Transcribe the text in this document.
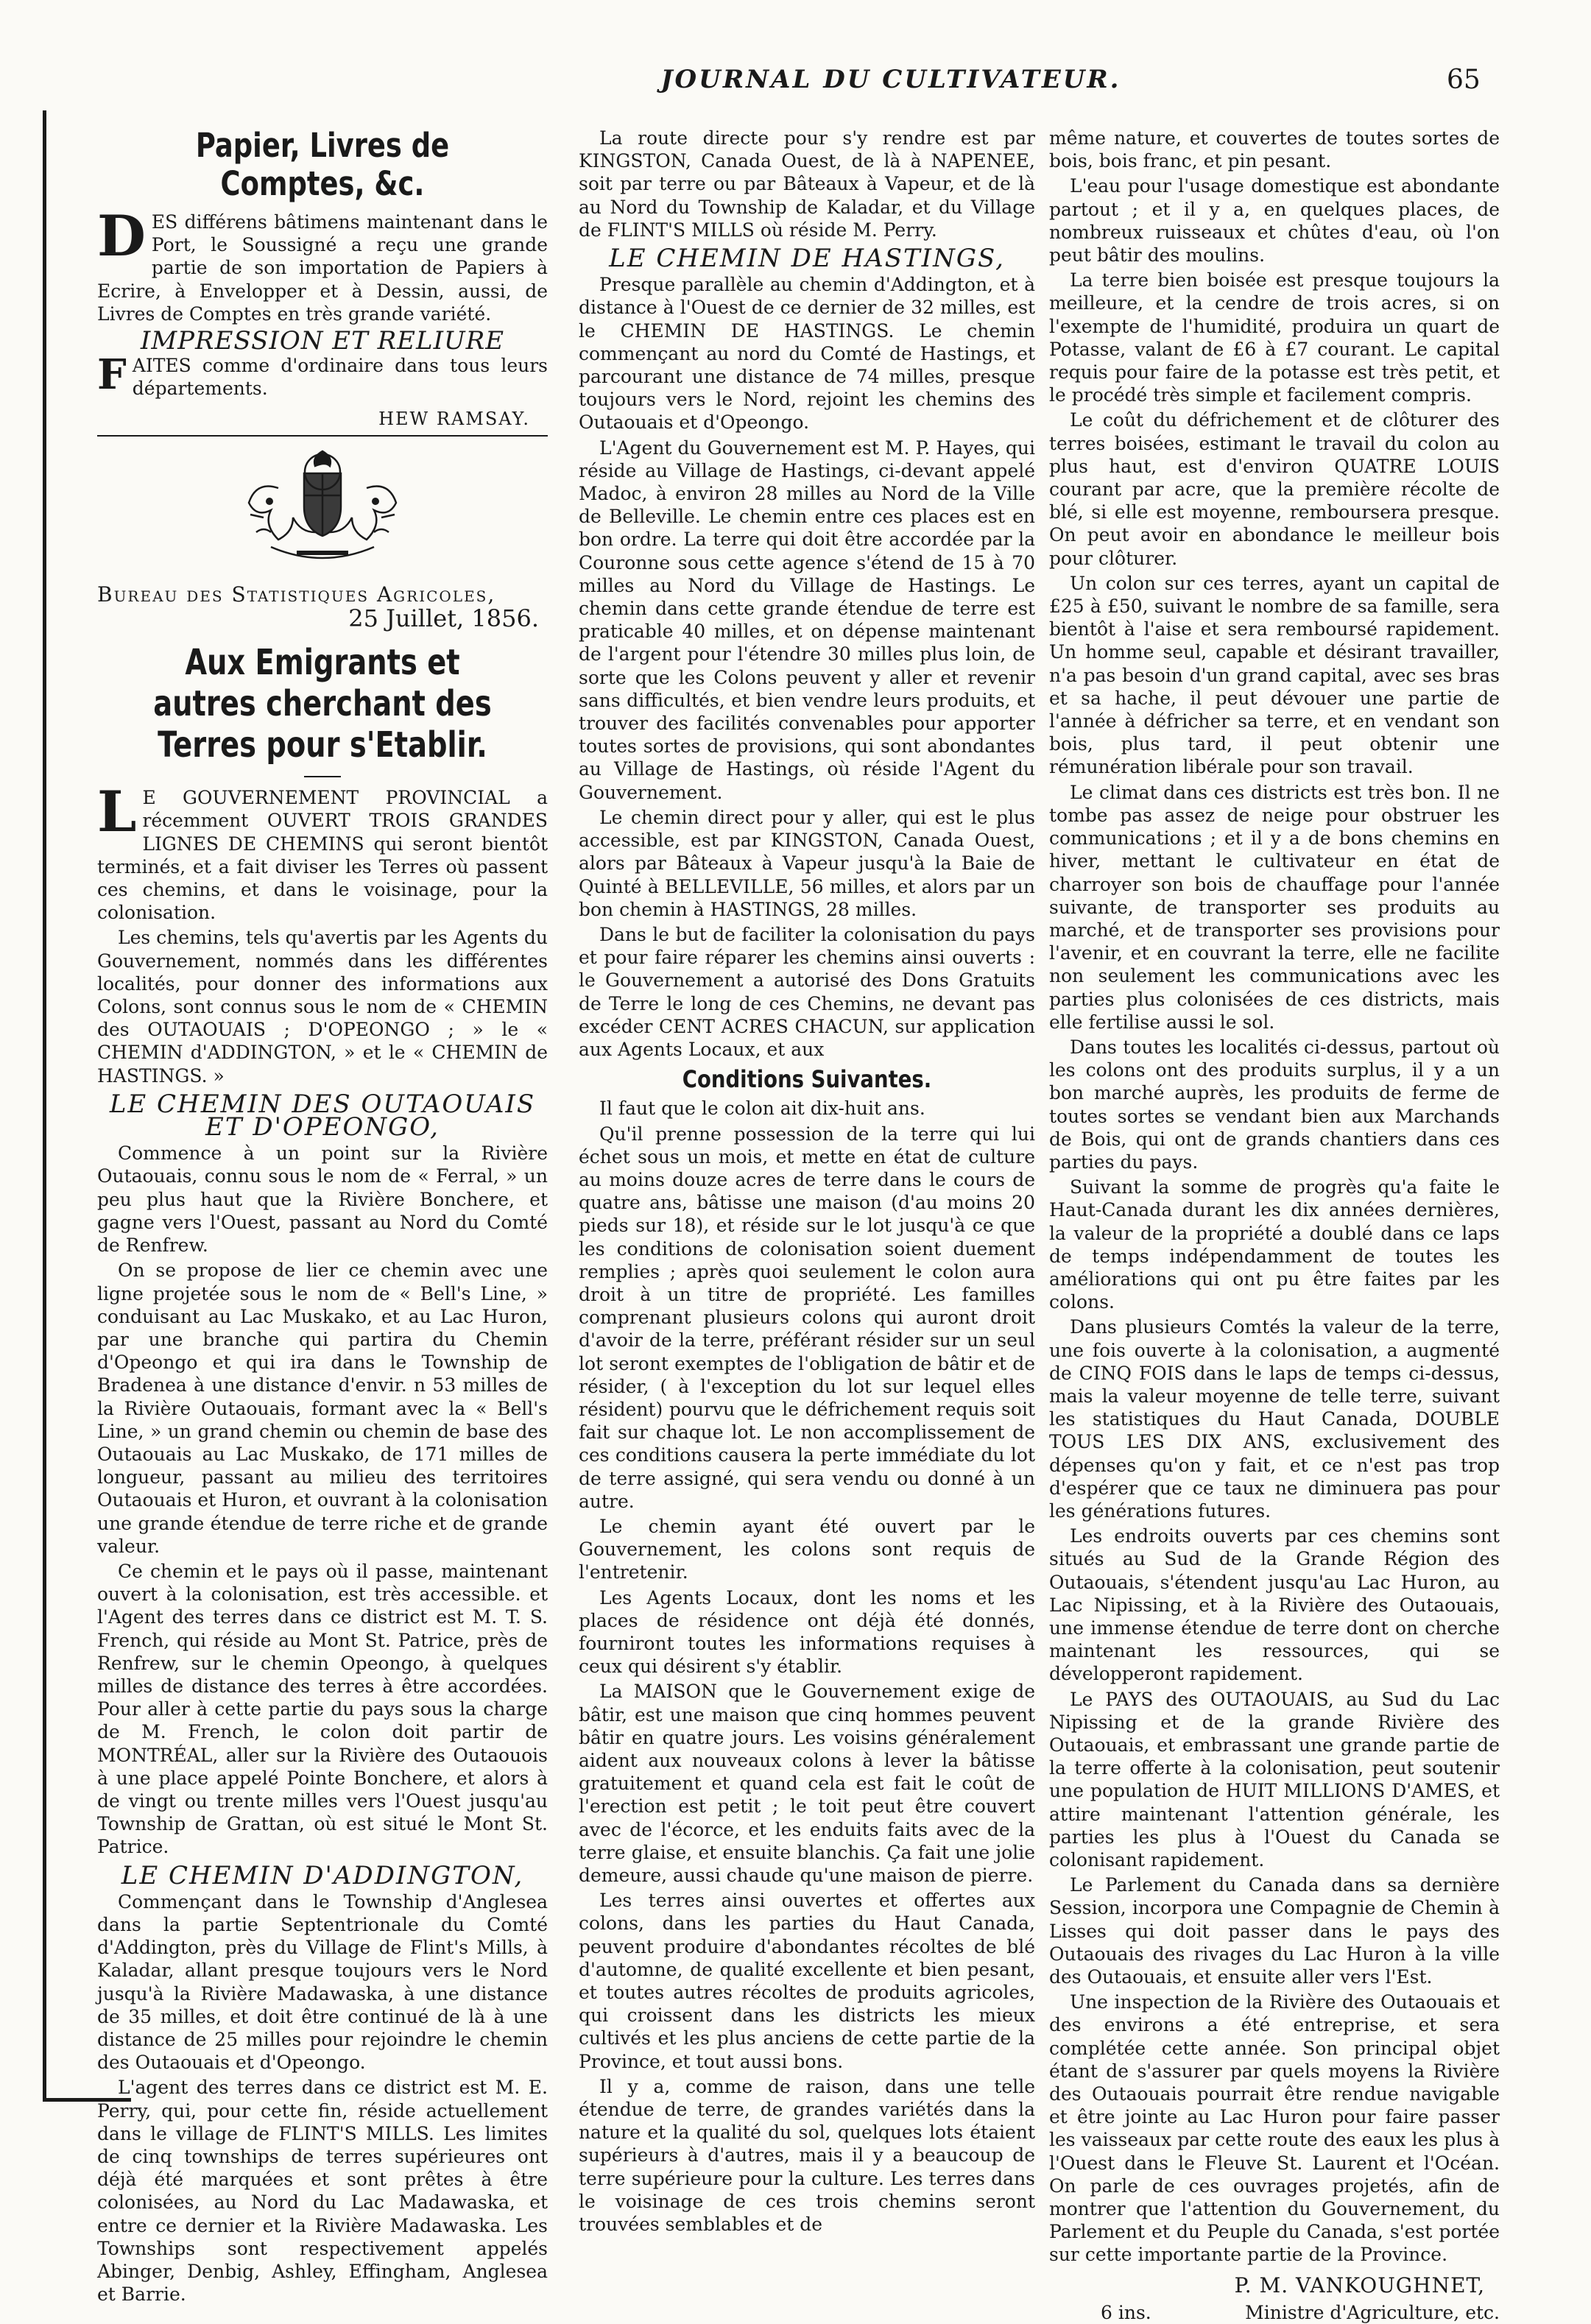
JOURNAL DU CULTIVATEUR.	65
Papier, Livres de Comptes, &c.

DES différens bâtimens maintenant dans le Port, le Soussigné a reçu une grande partie de son importation de Papiers à Ecrire, à Envelopper et à Dessin, aussi, de Livres de Comptes en très grande variété.

IMPRESSION ET RELIURE

FAITES comme d'ordinaire dans tous leurs départements.

HEW RAMSAY.
Bureau des Statistiques Agricoles,
25 Juillet, 1856.
Aux Emigrants et autres cherchant des Terres pour s'Etablir.

L E GOUVERNEMENT PROVINCIAL a récemment OUVERT TROIS GRANDES LIGNES DE CHEMINS qui seront bientôt terminés, et a fait diviser les Terres où passent ces chemins, et dans le voisinage, pour la colonisation.

Les chemins, tels qu'avertis par les Agents du Gouvernement, nommés dans les différentes localités, pour donner des informations aux Colons, sont connus sous le nom de « CHEMIN des OUTAOUAIS ; D'OPEONGO ; » le « CHEMIN d'ADDINGTON, » et le « CHEMIN de HASTINGS. »

LE CHEMIN DES OUTAOUAIS ET D'OPEONGO,

Commence à un point sur la Rivière Outaouais, connu sous le nom de « Ferral, » un peu plus haut que la Rivière Bonchere, et gagne vers l'Ouest, passant au Nord du Comté de Renfrew.

On se propose de lier ce chemin avec une ligne projetée sous le nom de « Bell's Line, » conduisant au Lac Muskako, et au Lac Huron, par une branche qui partira du Chemin d'Opeongo et qui ira dans le Township de Bradenea à une distance d'envir. n 53 milles de la Rivière Outaouais, formant avec la « Bell's Line, » un grand chemin ou chemin de base des Outaouais au Lac Muskako, de 171 milles de longueur, passant au milieu des territoires Outaouais et Huron, et ouvrant à la colonisation une grande étendue de terre riche et de grande valeur.

Ce chemin et le pays où il passe, maintenant ouvert à la colonisation, est très accessible. et l'Agent des terres dans ce district est M. T. S. French, qui réside au Mont St. Patrice, près de Renfrew, sur le chemin Opeongo, à quelques milles de distance des terres à être accordées. Pour aller à cette partie du pays sous la charge de M. French, le colon doit partir de MONTRÉAL, aller sur la Rivière des Outaouois à une place appelé Pointe Bonchere, et alors à de vingt ou trente milles vers l'Ouest jusqu'au Township de Grattan, où est situé le Mont St. Patrice.

LE CHEMIN D'ADDINGTON,

Commençant dans le Township d'Anglesea dans la partie Septentrionale du Comté d'Addington, près du Village de Flint's Mills, à Kaladar, allant presque toujours vers le Nord jusqu'à la Rivière Madawaska, à une distance de 35 milles, et doit être continué de là à une distance de 25 milles pour rejoindre le chemin des Outaouais et d'Opeongo.

L'agent des terres dans ce district est M. E. Perry, qui, pour cette fin, réside actuellement dans le village de FLINT'S MILLS. Les limites de cinq townships de terres supérieures ont déjà été marquées et sont prêtes à être colonisées, au Nord du Lac Madawaska, et entre ce dernier et la Rivière Madawaska. Les Townships sont respectivement appelés Abinger, Denbig, Ashley, Effingham, Anglesea et Barrie.

La route directe pour s'y rendre est par KINGSTON, Canada Ouest, de là à NAPENEE, soit par terre ou par Bâteaux à Vapeur, et de là au Nord du Township de Kaladar, et du Village de FLINT'S MILLS où réside M. Perry.

LE CHEMIN DE HASTINGS,

Presque parallèle au chemin d'Addington, et à distance à l'Ouest de ce dernier de 32 milles, est le CHEMIN DE HASTINGS. Le chemin commençant au nord du Comté de Hastings, et parcourant une distance de 74 milles, presque toujours vers le Nord, rejoint les chemins des Outaouais et d'Opeongo.

L'Agent du Gouvernement est M. P. Hayes, qui réside au Village de Hastings, ci-devant appelé Madoc, à environ 28 milles au Nord de la Ville de Belleville. Le chemin entre ces places est en bon ordre. La terre qui doit être accordée par la Couronne sous cette agence s'étend de 15 à 70 milles au Nord du Village de Hastings. Le chemin dans cette grande étendue de terre est praticable 40 milles, et on dépense maintenant de l'argent pour l'étendre 30 milles plus loin, de sorte que les Colons peuvent y aller et revenir sans difficultés, et bien vendre leurs produits, et trouver des facilités convenables pour apporter toutes sortes de provisions, qui sont abondantes au Village de Hastings, où réside l'Agent du Gouvernement.

Le chemin direct pour y aller, qui est le plus accessible, est par KINGSTON, Canada Ouest, alors par Bâteaux à Vapeur jusqu'à la Baie de Quinté à BELLEVILLE, 56 milles, et alors par un bon chemin à HASTINGS, 28 milles.

Dans le but de faciliter la colonisation du pays et pour faire réparer les chemins ainsi ouverts : le Gouvernement a autorisé des Dons Gratuits de Terre le long de ces Chemins, ne devant pas excéder CENT ACRES CHACUN, sur application aux Agents Locaux, et aux

Conditions Suivantes.

Il faut que le colon ait dix-huit ans.

Qu'il prenne possession de la terre qui lui échet sous un mois, et mette en état de culture au moins douze acres de terre dans le cours de quatre ans, bâtisse une maison (d'au moins 20 pieds sur 18), et réside sur le lot jusqu'à ce que les conditions de colonisation soient duement remplies ; après quoi seulement le colon aura droit à un titre de propriété. Les familles comprenant plusieurs colons qui auront droit d'avoir de la terre, préférant résider sur un seul lot seront exemptes de l'obligation de bâtir et de résider, ( à l'exception du lot sur lequel elles résident) pourvu que le défrichement requis soit fait sur chaque lot. Le non accomplissement de ces conditions causera la perte immédiate du lot de terre assigné, qui sera vendu ou donné à un autre.

Le chemin ayant été ouvert par le Gouvernement, les colons sont requis de l'entretenir.

Les Agents Locaux, dont les noms et les places de résidence ont déjà été donnés, fourniront toutes les informations requises à ceux qui désirent s'y établir.

La MAISON que le Gouvernement exige de bâtir, est une maison que cinq hommes peuvent bâtir en quatre jours. Les voisins généralement aident aux nouveaux colons à lever la bâtisse gratuitement et quand cela est fait le coût de l'erection est petit ; le toit peut être couvert avec de l'écorce, et les enduits faits avec de la terre glaise, et ensuite blanchis. Ça fait une jolie demeure, aussi chaude qu'une maison de pierre.

Les terres ainsi ouvertes et offertes aux colons, dans les parties du Haut Canada, peuvent produire d'abondantes récoltes de blé d'automne, de qualité excellente et bien pesant, et toutes autres récoltes de produits agricoles, qui croissent dans les districts les mieux cultivés et les plus anciens de cette partie de la Province, et tout aussi bons.

Il y a, comme de raison, dans une telle étendue de terre, de grandes variétés dans la nature et la qualité du sol, quelques lots étaient supérieurs à d'autres, mais il y a beaucoup de terre supérieure pour la culture. Les terres dans le voisinage de ces trois chemins seront trouvées semblables et de

même nature, et couvertes de toutes sortes de bois, bois franc, et pin pesant.

L'eau pour l'usage domestique est abondante partout ; et il y a, en quelques places, de nombreux ruisseaux et chûtes d'eau, où l'on peut bâtir des moulins.

La terre bien boisée est presque toujours la meilleure, et la cendre de trois acres, si on l'exempte de l'humidité, produira un quart de Potasse, valant de £6 à £7 courant. Le capital requis pour faire de la potasse est très petit, et le procédé très simple et facilement compris.

Le coût du défrichement et de clôturer des terres boisées, estimant le travail du colon au plus haut, est d'environ QUATRE LOUIS courant par acre, que la première récolte de blé, si elle est moyenne, remboursera presque. On peut avoir en abondance le meilleur bois pour clôturer.

Un colon sur ces terres, ayant un capital de £25 à £50, suivant le nombre de sa famille, sera bientôt à l'aise et sera remboursé rapidement. Un homme seul, capable et désirant travailler, n'a pas besoin d'un grand capital, avec ses bras et sa hache, il peut dévouer une partie de l'année à défricher sa terre, et en vendant son bois, plus tard, il peut obtenir une rémunération libérale pour son travail.

Le climat dans ces districts est très bon. Il ne tombe pas assez de neige pour obstruer les communications ; et il y a de bons chemins en hiver, mettant le cultivateur en état de charroyer son bois de chauffage pour l'année suivante, de transporter ses produits au marché, et de transporter ses provisions pour l'avenir, et en couvrant la terre, elle ne facilite non seulement les communications avec les parties plus colonisées de ces districts, mais elle fertilise aussi le sol.

Dans toutes les localités ci-dessus, partout où les colons ont des produits surplus, il y a un bon marché auprès, les produits de ferme de toutes sortes se vendant bien aux Marchands de Bois, qui ont de grands chantiers dans ces parties du pays.

Suivant la somme de progrès qu'a faite le Haut-Canada durant les dix années dernières, la valeur de la propriété a doublé dans ce laps de temps indépendamment de toutes les améliorations qui ont pu être faites par les colons.

Dans plusieurs Comtés la valeur de la terre, une fois ouverte à la colonisation, a augmenté de CINQ FOIS dans le laps de temps ci-dessus, mais la valeur moyenne de telle terre, suivant les statistiques du Haut Canada, DOUBLE TOUS LES DIX ANS, exclusivement des dépenses qu'on y fait, et ce n'est pas trop d'espérer que ce taux ne diminuera pas pour les générations futures.

Les endroits ouverts par ces chemins sont situés au Sud de la Grande Région des Outaouais, s'étendent jusqu'au Lac Huron, au Lac Nipissing, et à la Rivière des Outaouais, une immense étendue de terre dont on cherche maintenant les ressources, qui se développeront rapidement.

Le PAYS des OUTAOUAIS, au Sud du Lac Nipissing et de la grande Rivière des Outaouais, et embrassant une grande partie de la terre offerte à la colonisation, peut soutenir une population de HUIT MILLIONS D'AMES, et attire maintenant l'attention générale, les parties les plus à l'Ouest du Canada se colonisant rapidement.

Le Parlement du Canada dans sa dernière Session, incorpora une Compagnie de Chemin à Lisses qui doit passer dans le pays des Outaouais des rivages du Lac Huron à la ville des Outaouais, et ensuite aller vers l'Est.

Une inspection de la Rivière des Outaouais et des environs a été entreprise, et sera complétée cette année. Son principal objet étant de s'assurer par quels moyens la Rivière des Outaouais pourrait être rendue navigable et être jointe au Lac Huron pour faire passer les vaisseaux par cette route des eaux les plus à l'Ouest dans le Fleuve St. Laurent et l'Océan. On parle de ces ouvrages projetés, afin de montrer que l'attention du Gouvernement, du Parlement et du Peuple du Canada, s'est portée sur cette importante partie de la Province.

P. M. VANKOUGHNET,
6 ins.	Ministre d'Agriculture, etc.
